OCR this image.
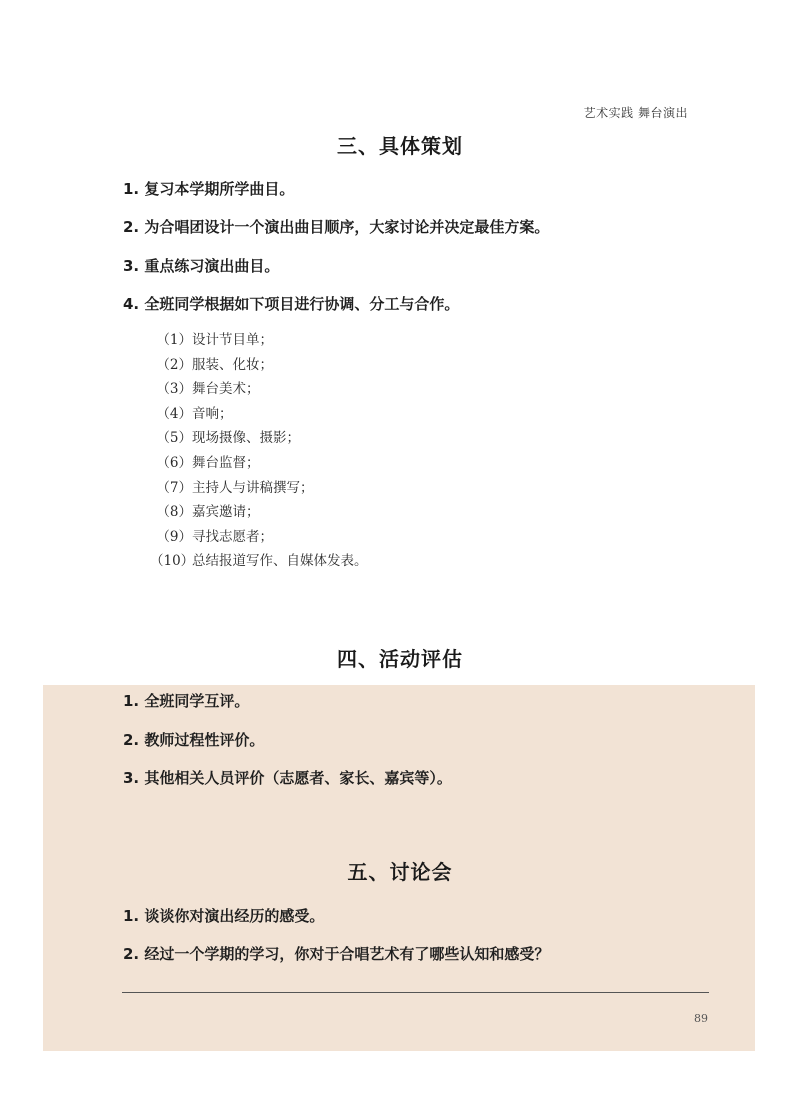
艺术实践 舞台演出
三、具体策划
1. 复习本学期所学曲目。
2. 为合唱团设计一个演出曲目顺序，大家讨论并决定最佳方案。
3. 重点练习演出曲目。
4. 全班同学根据如下项目进行协调、分工与合作。
（1）设计节目单；
（2）服装、化妆；
（3）舞台美术；
（4）音响；
（5）现场摄像、摄影；
（6）舞台监督；
（7）主持人与讲稿撰写；
（8）嘉宾邀请；
（9）寻找志愿者；
（10）总结报道写作、自媒体发表。
四、活动评估
1. 全班同学互评。
2. 教师过程性评价。
3. 其他相关人员评价（志愿者、家长、嘉宾等）。
五、讨论会
1. 谈谈你对演出经历的感受。
2. 经过一个学期的学习，你对于合唱艺术有了哪些认知和感受？
89
